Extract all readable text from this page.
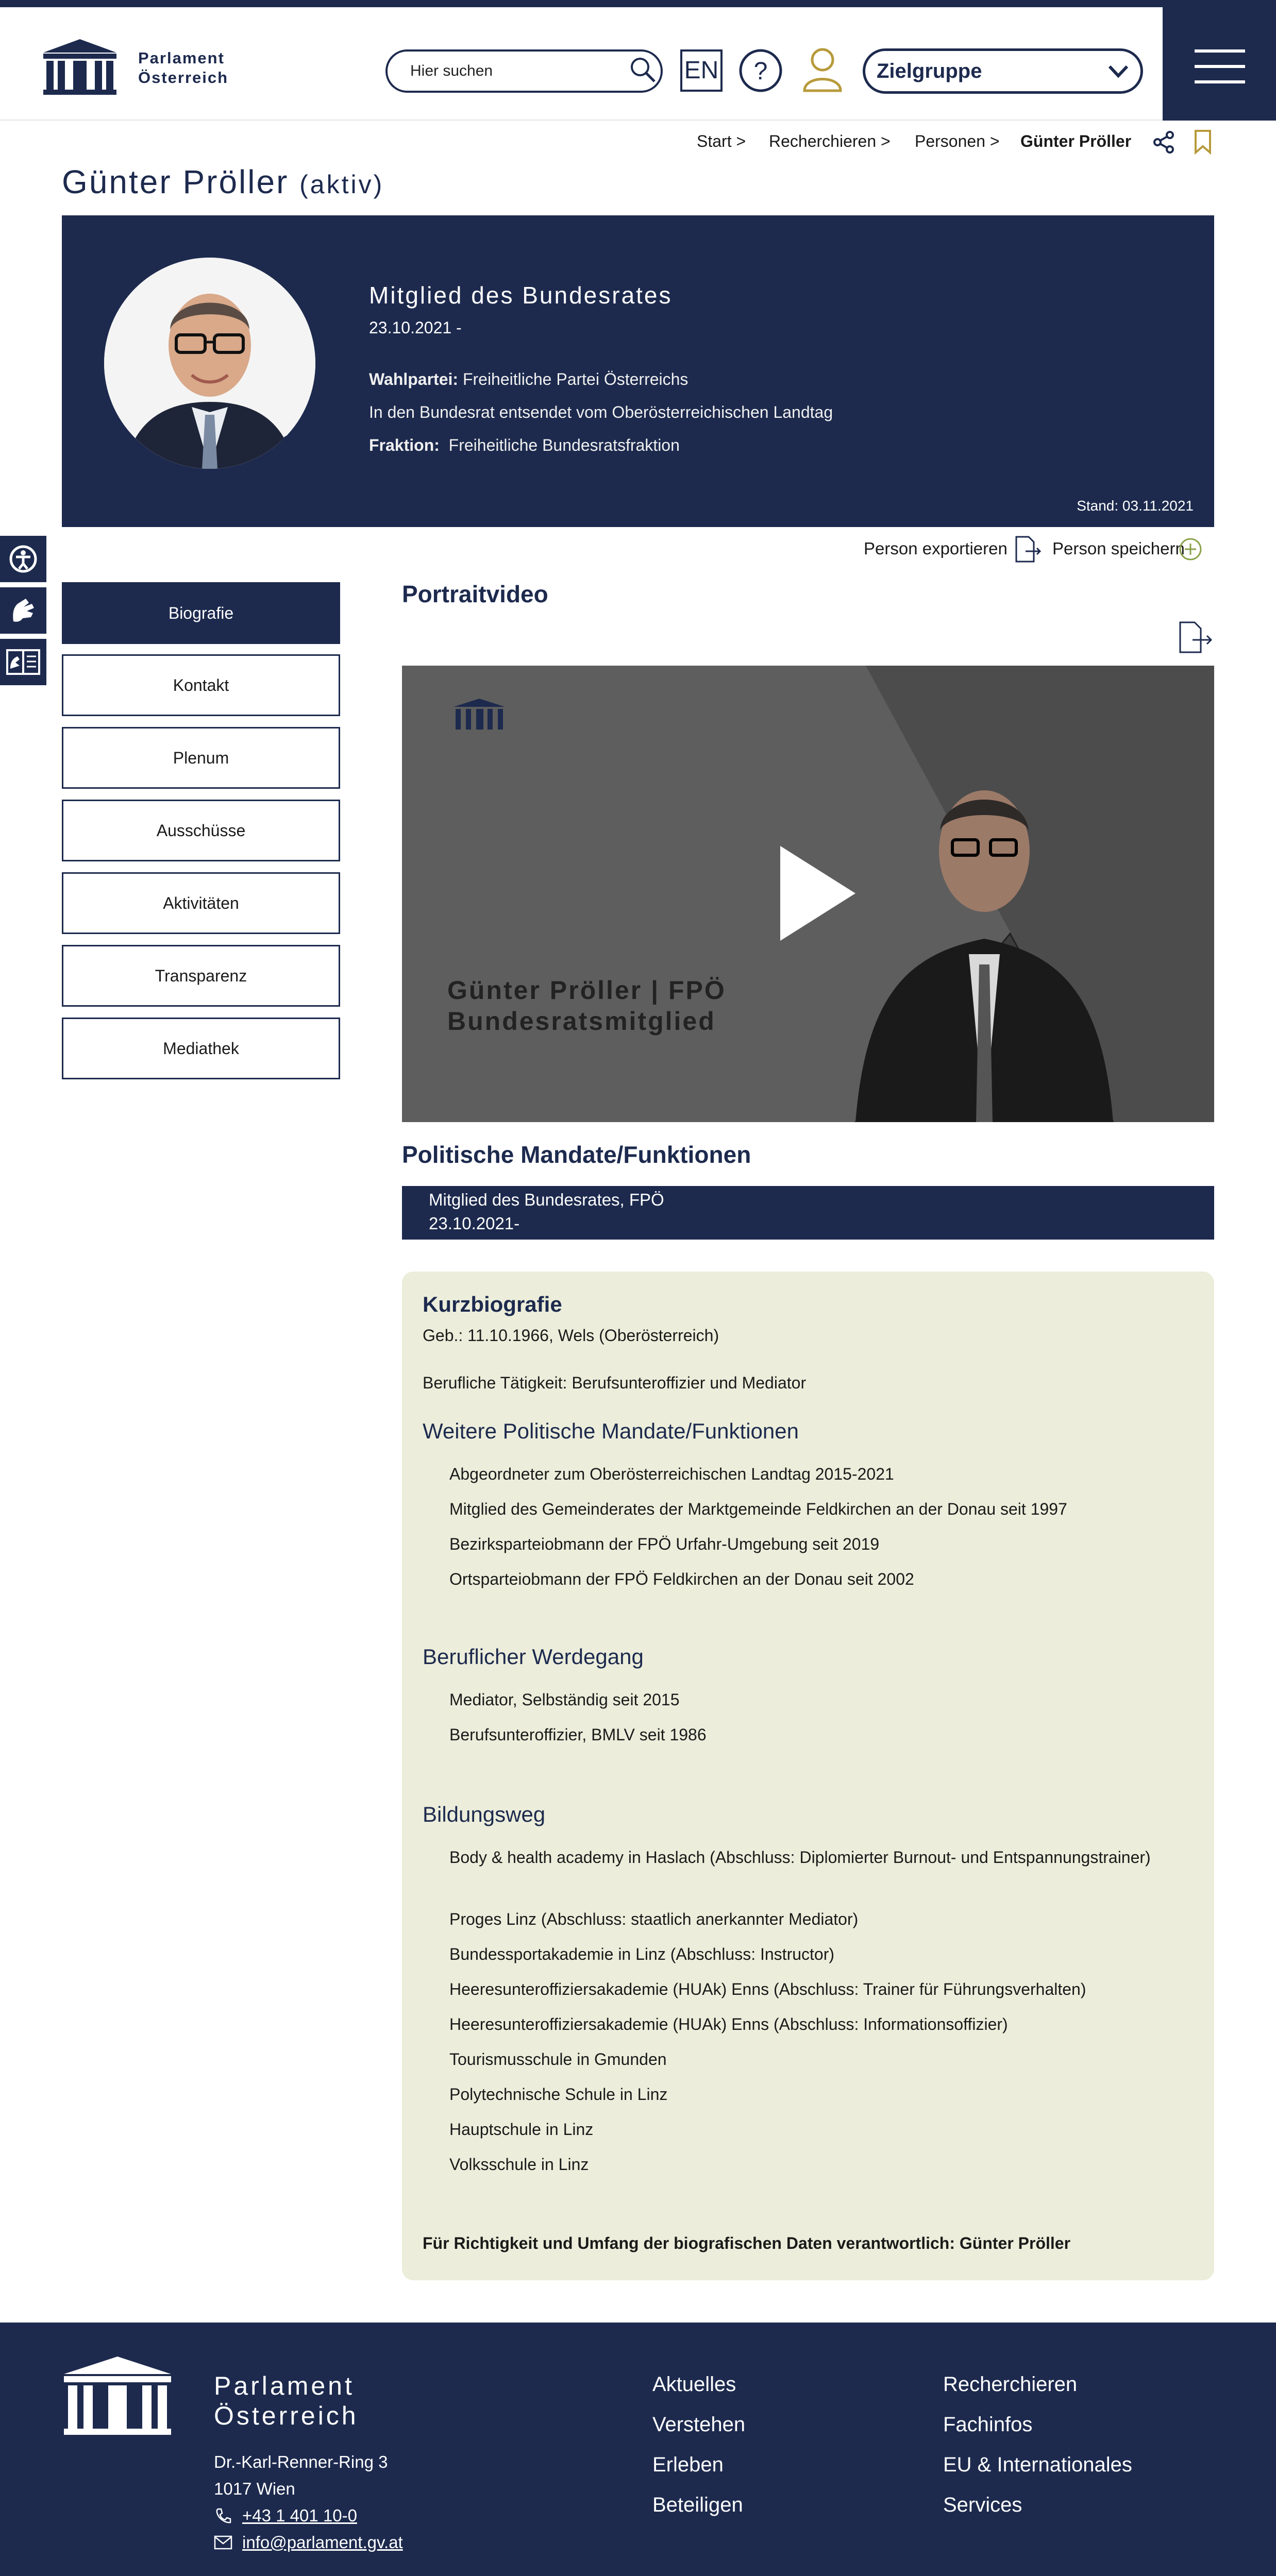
Parlament
Österreich	Hier suchen	EN ?	Zielgruppe
Start > Recherchieren > Personen > Günter Pröller
Günter Pröller (aktiv)
Mitglied des Bundesrates
23.10.2021 -
Wahlpartei: Freiheitliche Partei Österreichs
In den Bundesrat entsendet vom Oberösterreichischen Landtag
Fraktion: Freiheitliche Bundesratsfraktion
Stand: 03.11.2021
Person exportieren	Person speichern
Biografie
Kontakt
Plenum
Ausschüsse
Aktivitäten
Transparenz
Mediathek
Portraitvideo
Günter Pröller | FPÖ
Bundesratsmitglied
Politische Mandate/Funktionen
Mitglied des Bundesrates, FPÖ
23.10.2021-
Kurzbiografie
Geb.: 11.10.1966, Wels (Oberösterreich)
Berufliche Tätigkeit: Berufsunteroffizier und Mediator
Weitere Politische Mandate/Funktionen
Abgeordneter zum Oberösterreichischen Landtag 2015-2021
Mitglied des Gemeinderates der Marktgemeinde Feldkirchen an der Donau seit 1997
Bezirksparteiobmann der FPÖ Urfahr-Umgebung seit 2019
Ortsparteiobmann der FPÖ Feldkirchen an der Donau seit 2002
Beruflicher Werdegang
Mediator, Selbständig seit 2015
Berufsunteroffizier, BMLV seit 1986
Bildungsweg
Body & health academy in Haslach (Abschluss: Diplomierter Burnout- und Entspannungstrainer)
Proges Linz (Abschluss: staatlich anerkannter Mediator)
Bundessportakademie in Linz (Abschluss: Instructor)
Heeresunteroffiziersakademie (HUAk) Enns (Abschluss: Trainer für Führungsverhalten)
Heeresunteroffiziersakademie (HUAk) Enns (Abschluss: Informationsoffizier)
Tourismusschule in Gmunden
Polytechnische Schule in Linz
Hauptschule in Linz
Volksschule in Linz
Für Richtigkeit und Umfang der biografischen Daten verantwortlich: Günter Pröller
Parlament
Österreich
Dr.-Karl-Renner-Ring 3
1017 Wien
+43 1 401 10-0
info@parlament.gv.at
Aktuelles
Verstehen
Erleben
Beteiligen
Recherchieren
Fachinfos
EU & Internationales
Services
